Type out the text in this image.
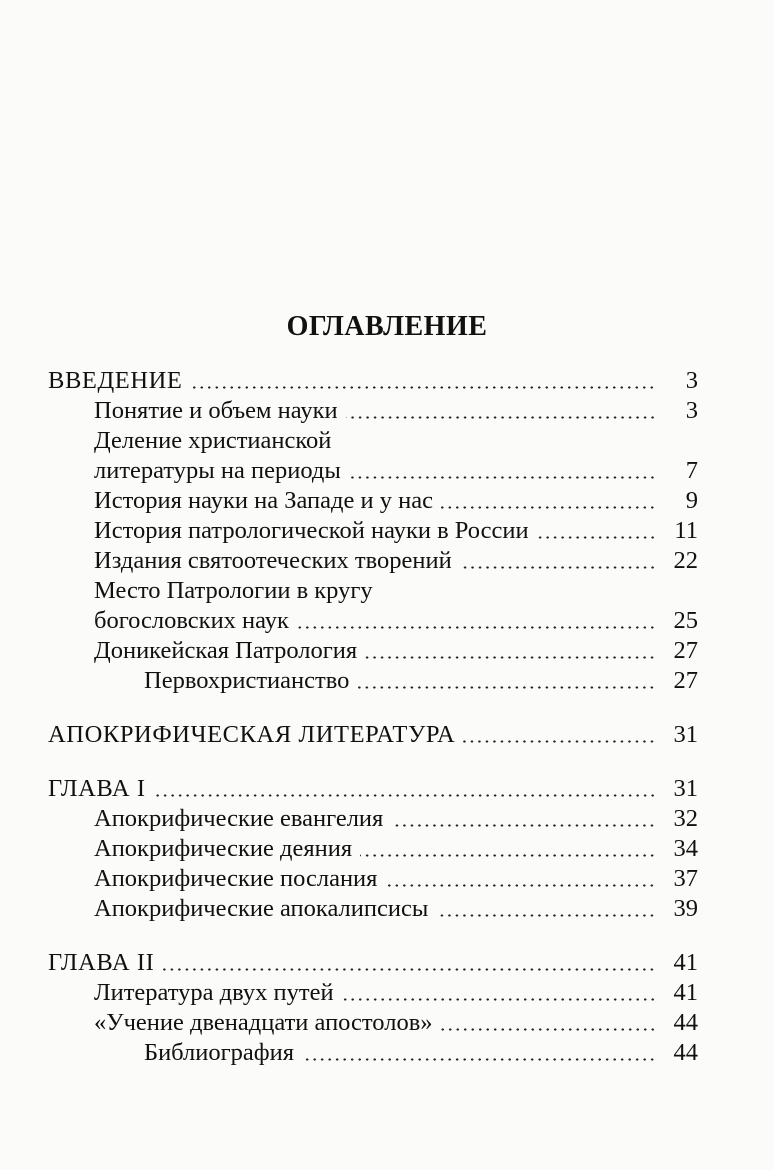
ОГЛАВЛЕНИЕ
ВВЕДЕНИЕ	3
Понятие и объем науки	3
Деление христианской
литературы на периоды	7
История науки на Западе и у нас	9
История патрологической науки в России	11
Издания святоотеческих творений	22
Место Патрологии в кругу
богословских наук	25
Доникейская Патрология	27
Первохристианство	27
АПОКРИФИЧЕСКАЯ ЛИТЕРАТУРА	31
ГЛАВА I	31
Апокрифические евангелия	32
Апокрифические деяния	34
Апокрифические послания	37
Апокрифические апокалипсисы	39
ГЛАВА II	41
Литература двух путей	41
«Учение двенадцати апостолов»	44
Библиография	44
